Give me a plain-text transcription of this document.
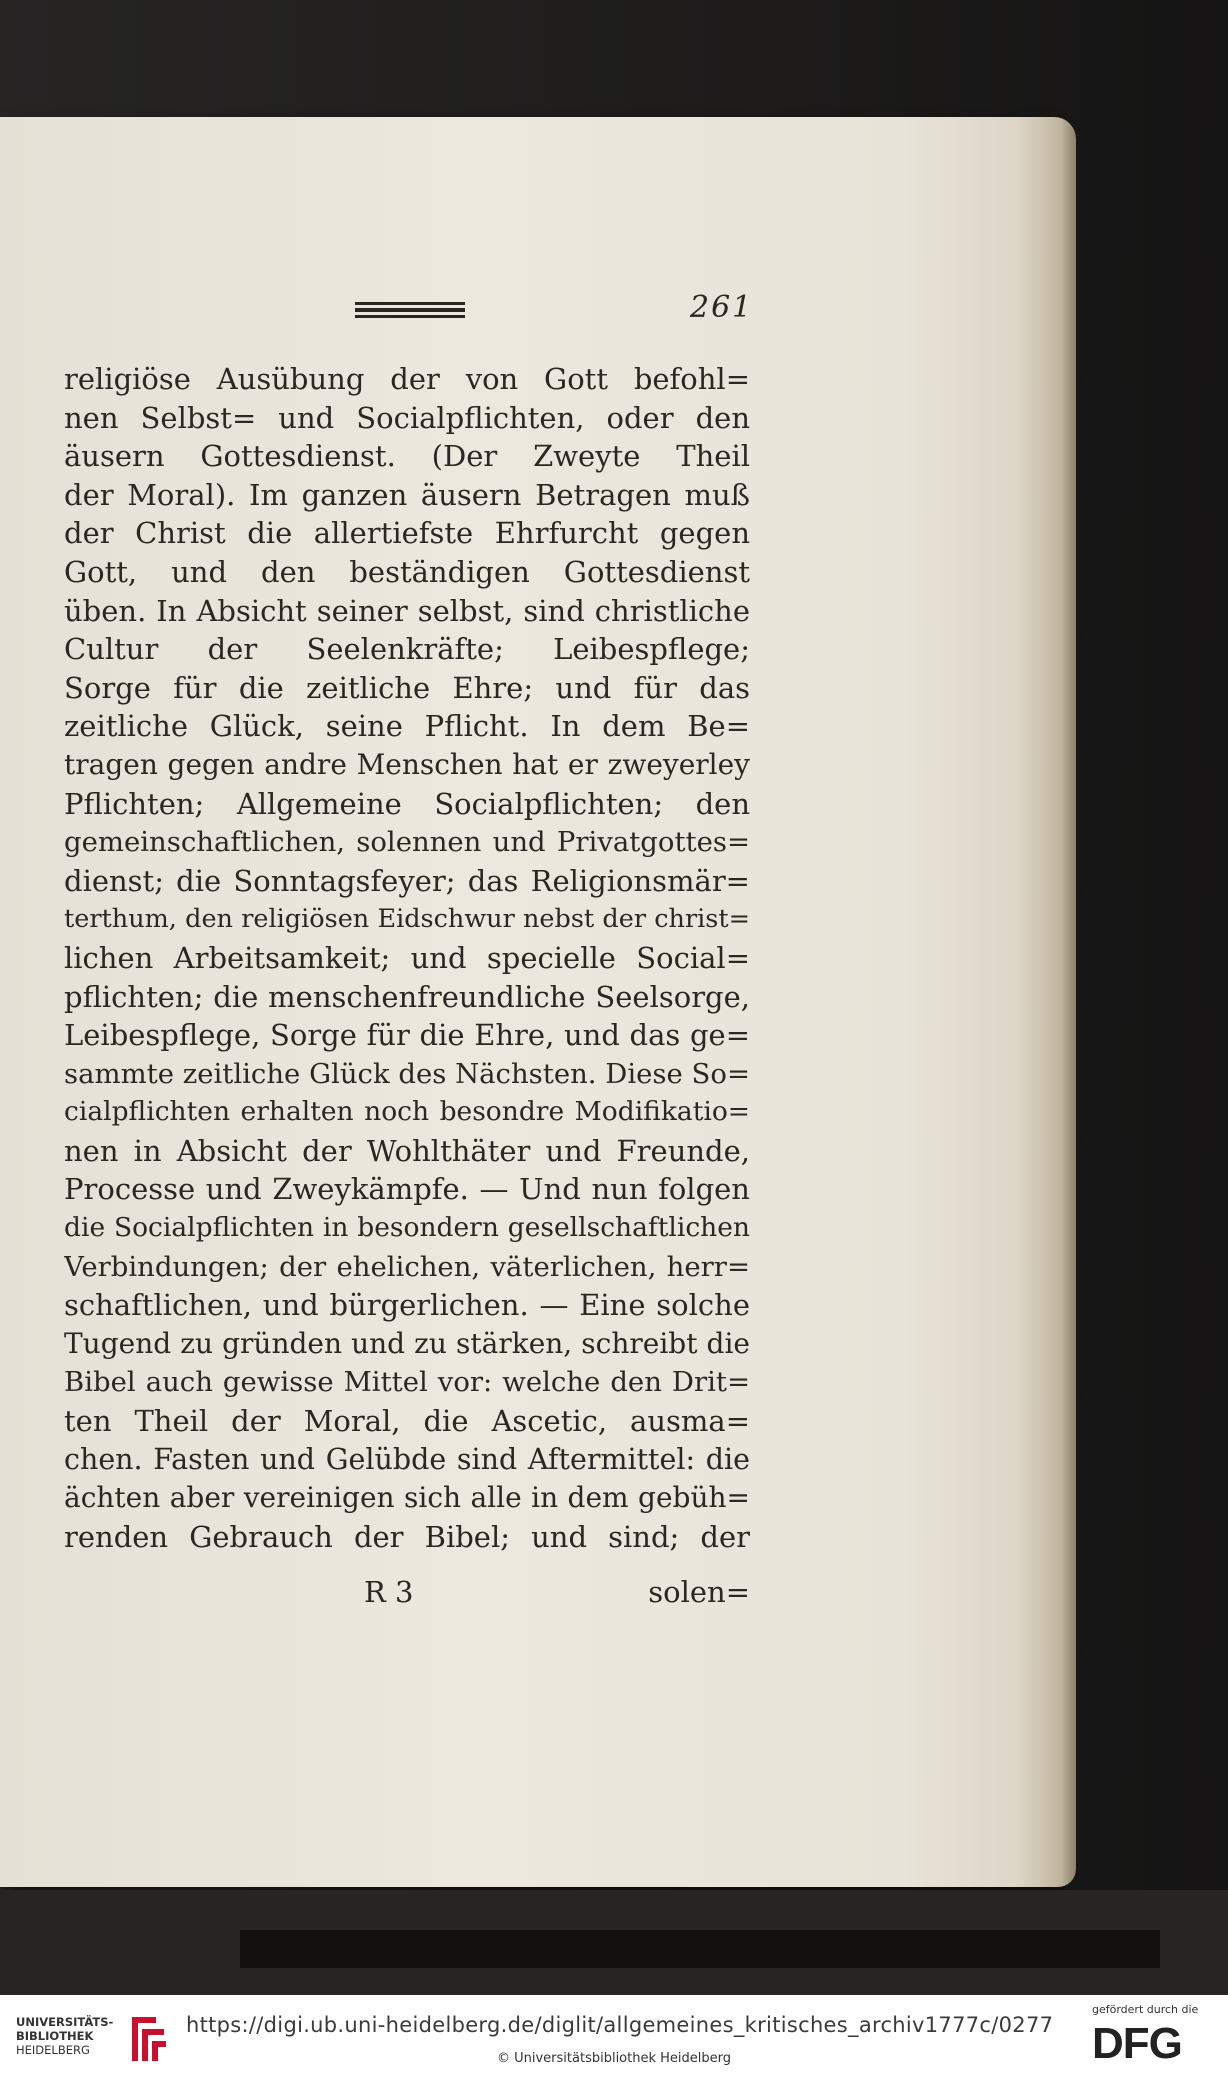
261
religiöse Ausübung der von Gott befohl=
nen Selbst= und Socialpflichten, oder den
äusern Gottesdienst. (Der Zweyte Theil
der Moral). Im ganzen äusern Betragen muß
der Christ die allertiefste Ehrfurcht gegen
Gott, und den beständigen Gottesdienst
üben. In Absicht seiner selbst, sind christliche
Cultur der Seelenkräfte; Leibespflege;
Sorge für die zeitliche Ehre; und für das
zeitliche Glück, seine Pflicht. In dem Be=
tragen gegen andre Menschen hat er zweyerley
Pflichten; Allgemeine Socialpflichten; den
gemeinschaftlichen, solennen und Privatgottes=
dienst; die Sonntagsfeyer; das Religionsmär=
terthum, den religiösen Eidschwur nebst der christ=
lichen Arbeitsamkeit; und specielle Social=
pflichten; die menschenfreundliche Seelsorge,
Leibespflege, Sorge für die Ehre, und das ge=
sammte zeitliche Glück des Nächsten. Diese So=
cialpflichten erhalten noch besondre Modifikatio=
nen in Absicht der Wohlthäter und Freunde,
Processe und Zweykämpfe. — Und nun folgen
die Socialpflichten in besondern gesellschaftlichen
Verbindungen; der ehelichen, väterlichen, herr=
schaftlichen, und bürgerlichen. — Eine solche
Tugend zu gründen und zu stärken, schreibt die
Bibel auch gewisse Mittel vor: welche den Drit=
ten Theil der Moral, die Ascetic, ausma=
chen. Fasten und Gelübde sind Aftermittel: die
ächten aber vereinigen sich alle in dem gebüh=
renden Gebrauch der Bibel; und sind; der
R 3	solen=
UNIVERSITÄTS-
BIBLIOTHEK
HEIDELBERG
https://digi.ub.uni-heidelberg.de/diglit/allgemeines_kritisches_archiv1777c/0277
© Universitätsbibliothek Heidelberg
gefördert durch die
DFG
